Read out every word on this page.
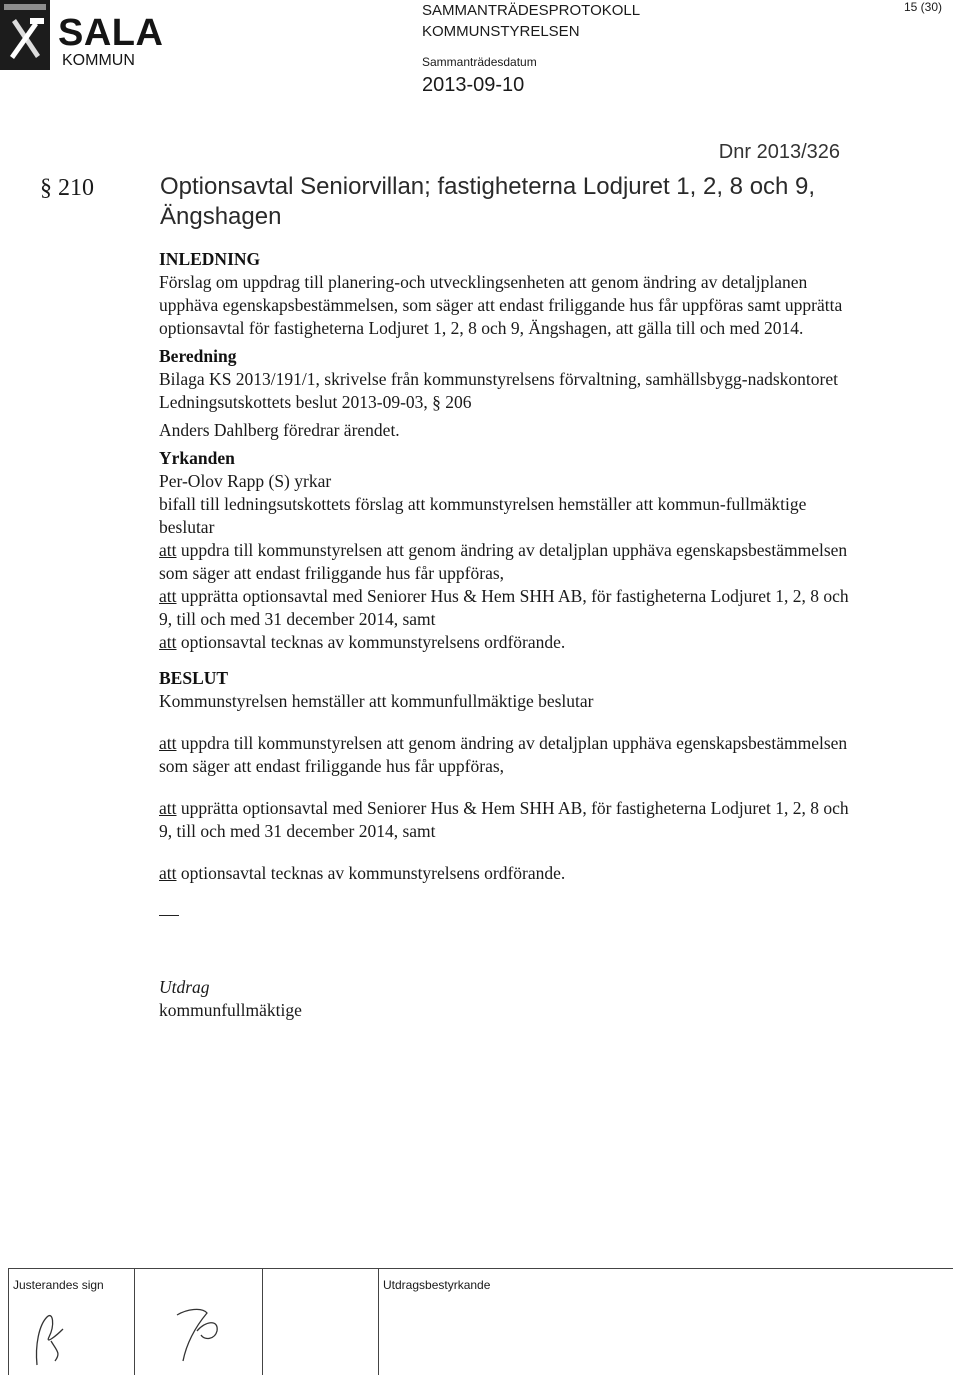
SALA
KOMMUN
SAMMANTRÄDESPROTOKOLL
KOMMUNSTYRELSEN
Sammanträdesdatum
2013-09-10
15 (30)
Dnr 2013/326
§ 210	Optionsavtal Seniorvillan; fastigheterna Lodjuret 1, 2, 8 och 9, Ängshagen

INLEDNING

Förslag om uppdrag till planering-och utvecklingsenheten att genom ändring av detaljplanen upphäva egenskapsbestämmelsen, som säger att endast friliggande hus får uppföras samt upprätta optionsavtal för fastigheterna Lodjuret 1, 2, 8 och 9, Ängshagen, att gälla till och med 2014.

Beredning

Bilaga KS 2013/191/1, skrivelse från kommunstyrelsens förvaltning, samhällsbygg-nadskontoret

Ledningsutskottets beslut 2013-09-03, § 206

Anders Dahlberg föredrar ärendet.

Yrkanden

Per-Olov Rapp (S) yrkar

bifall till ledningsutskottets förslag att kommunstyrelsen hemställer att kommun-fullmäktige beslutar

att uppdra till kommunstyrelsen att genom ändring av detaljplan upphäva egenskapsbestämmelsen som säger att endast friliggande hus får uppföras,

att upprätta optionsavtal med Seniorer Hus & Hem SHH AB, för fastigheterna Lodjuret 1, 2, 8 och 9, till och med 31 december 2014, samt

att optionsavtal tecknas av kommunstyrelsens ordförande.

BESLUT

Kommunstyrelsen hemställer att kommunfullmäktige beslutar

att uppdra till kommunstyrelsen att genom ändring av detaljplan upphäva egenskapsbestämmelsen som säger att endast friliggande hus får uppföras,

att upprätta optionsavtal med Seniorer Hus & Hem SHH AB, för fastigheterna Lodjuret 1, 2, 8 och 9, till och med 31 december 2014, samt

att optionsavtal tecknas av kommunstyrelsens ordförande.

Utdrag

kommunfullmäktige

Justerandes sign	Utdragsbestyrkande
